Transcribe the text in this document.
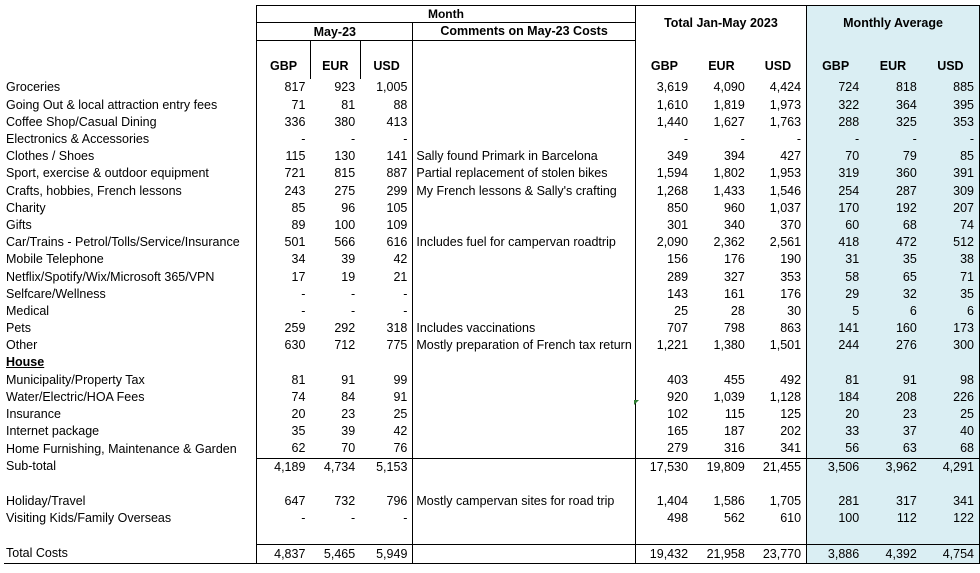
	Month				Total Jan-May 2023			Monthly Average		
	May-23			Comments on May-23 Costs						
	GBP	EUR	USD		GBP	EUR	USD	GBP	EUR	USD
Groceries	817	923	1,005		3,619	4,090	4,424	724	818	885
Going Out & local attraction entry fees	71	81	88		1,610	1,819	1,973	322	364	395
Coffee Shop/Casual Dining	336	380	413		1,440	1,627	1,763	288	325	353
Electronics & Accessories	-	-	-		-	-	-	-	-	-
Clothes / Shoes	115	130	141	Sally found Primark in Barcelona	349	394	427	70	79	85
Sport, exercise & outdoor equipment	721	815	887	Partial replacement of stolen bikes	1,594	1,802	1,953	319	360	391
Crafts, hobbies, French lessons	243	275	299	My French lessons & Sally's crafting	1,268	1,433	1,546	254	287	309
Charity	85	96	105		850	960	1,037	170	192	207
Gifts	89	100	109		301	340	370	60	68	74
Car/Trains - Petrol/Tolls/Service/Insurance	501	566	616	Includes fuel for campervan roadtrip	2,090	2,362	2,561	418	472	512
Mobile Telephone	34	39	42		156	176	190	31	35	38
Netflix/Spotify/Wix/Microsoft 365/VPN	17	19	21		289	327	353	58	65	71
Selfcare/Wellness	-	-	-		143	161	176	29	32	35
Medical	-	-	-		25	28	30	5	6	6
Pets	259	292	318	Includes vaccinations	707	798	863	141	160	173
Other	630	712	775	Mostly preparation of French tax return	1,221	1,380	1,501	244	276	300
House										
Municipality/Property Tax	81	91	99		403	455	492	81	91	98
Water/Electric/HOA Fees	74	84	91		920	1,039	1,128	184	208	226
Insurance	20	23	25		102	115	125	20	23	25
Internet package	35	39	42		165	187	202	33	37	40
Home Furnishing, Maintenance & Garden	62	70	76		279	316	341	56	63	68
Sub-total	4,189	4,734	5,153		17,530	19,809	21,455	3,506	3,962	4,291

Holiday/Travel	647	732	796	Mostly campervan sites for road trip	1,404	1,586	1,705	281	317	341
Visiting Kids/Family Overseas	-	-	-		498	562	610	100	112	122

Total Costs	4,837	5,465	5,949		19,432	21,958	23,770	3,886	4,392	4,754
